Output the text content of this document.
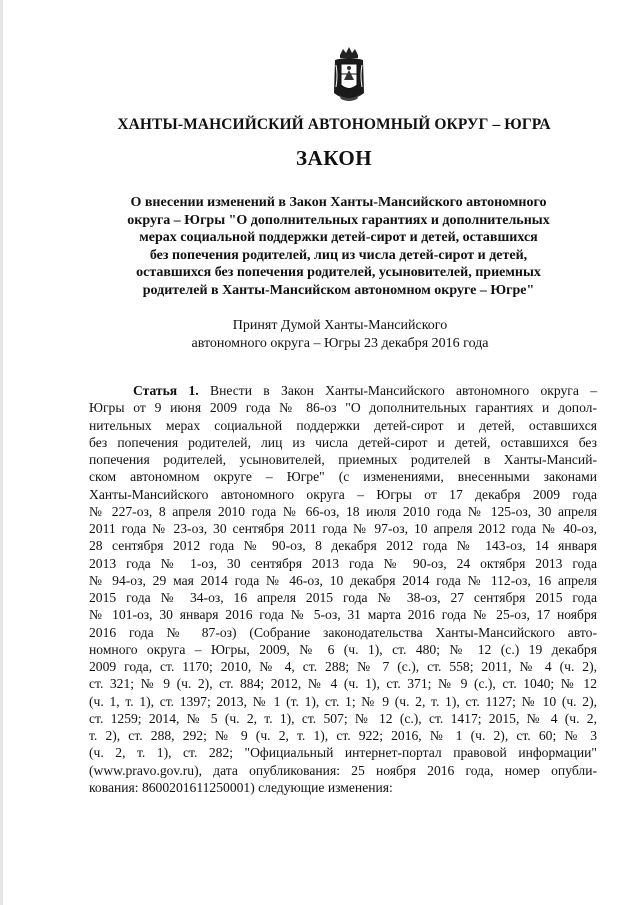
ХАНТЫ-МАНСИЙСКИЙ АВТОНОМНЫЙ ОКРУГ – ЮГРА
ЗАКОН
О внесении изменений в Закон Ханты-Мансийского автономного
округа – Югры "О дополнительных гарантиях и дополнительных
мерах социальной поддержки детей-сирот и детей, оставшихся
без попечения родителей, лиц из числа детей-сирот и детей,
оставшихся без попечения родителей, усыновителей, приемных
родителей в Ханты-Мансийском автономном округе – Югре"
Принят Думой Ханты-Мансийского
автономного округа – Югры 23 декабря 2016 года
Статья 1. Внести в Закон Ханты-Мансийского автономного округа –
Югры от 9 июня 2009 года № 86-оз "О дополнительных гарантиях и допол-
нительных мерах социальной поддержки детей-сирот и детей, оставшихся
без попечения родителей, лиц из числа детей-сирот и детей, оставшихся без
попечения родителей, усыновителей, приемных родителей в Ханты-Мансий-
ском автономном округе – Югре" (с изменениями, внесенными законами
Ханты-Мансийского автономного округа – Югры от 17 декабря 2009 года
№ 227-оз, 8 апреля 2010 года № 66-оз, 18 июля 2010 года № 125-оз, 30 апреля
2011 года № 23-оз, 30 сентября 2011 года № 97-оз, 10 апреля 2012 года № 40-оз,
28 сентября 2012 года № 90-оз, 8 декабря 2012 года № 143-оз, 14 января
2013 года № 1-оз, 30 сентября 2013 года № 90-оз, 24 октября 2013 года
№ 94-оз, 29 мая 2014 года № 46-оз, 10 декабря 2014 года № 112-оз, 16 апреля
2015 года № 34-оз, 16 апреля 2015 года № 38-оз, 27 сентября 2015 года
№ 101-оз, 30 января 2016 года № 5-оз, 31 марта 2016 года № 25-оз, 17 ноября
2016 года № 87-оз) (Собрание законодательства Ханты-Мансийского авто-
номного округа – Югры, 2009, № 6 (ч. 1), ст. 480; № 12 (с.) 19 декабря
2009 года, ст. 1170; 2010, № 4, ст. 288; № 7 (с.), ст. 558; 2011, № 4 (ч. 2),
ст. 321; № 9 (ч. 2), ст. 884; 2012, № 4 (ч. 1), ст. 371; № 9 (с.), ст. 1040; № 12
(ч. 1, т. 1), ст. 1397; 2013, № 1 (т. 1), ст. 1; № 9 (ч. 2, т. 1), ст. 1127; № 10 (ч. 2),
ст. 1259; 2014, № 5 (ч. 2, т. 1), ст. 507; № 12 (с.), ст. 1417; 2015, № 4 (ч. 2,
т. 2), ст. 288, 292; № 9 (ч. 2, т. 1), ст. 922; 2016, № 1 (ч. 2), ст. 60; № 3
(ч. 2, т. 1), ст. 282; "Официальный интернет-портал правовой информации"
(www.pravo.gov.ru), дата опубликования: 25 ноября 2016 года, номер опубли-
кования: 8600201611250001) следующие изменения:
